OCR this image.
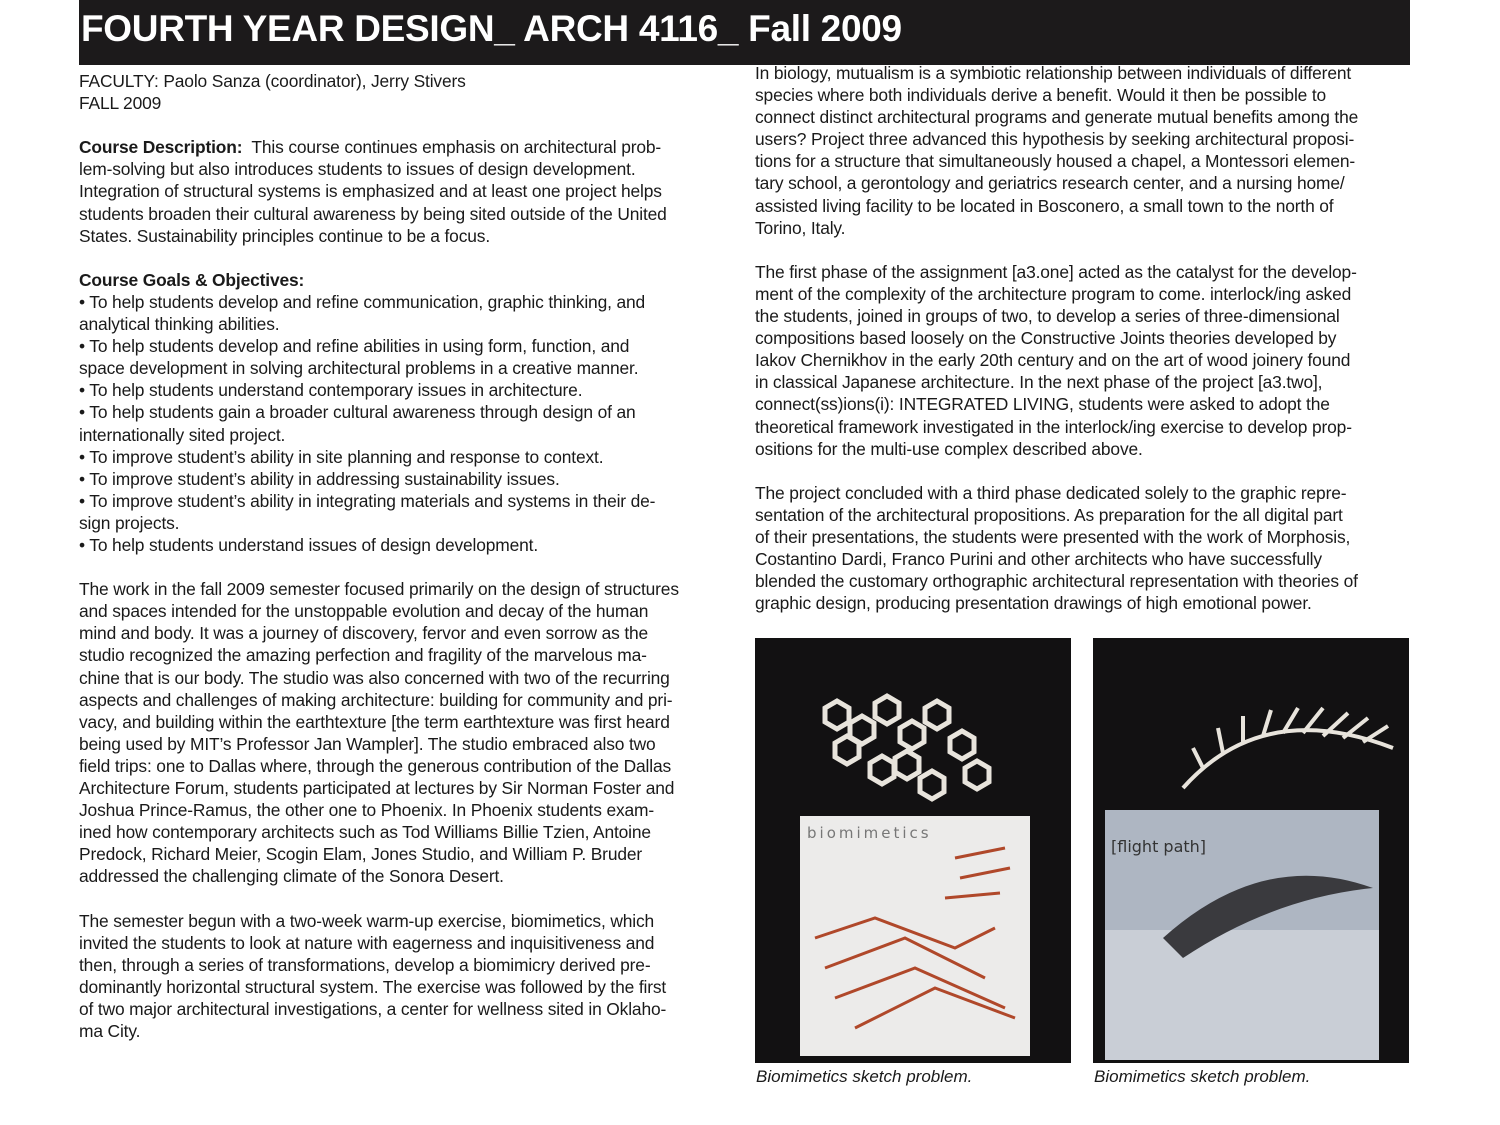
FOURTH YEAR DESIGN_ ARCH 4116_ Fall 2009
FACULTY: Paolo Sanza (coordinator), Jerry Stivers
FALL 2009
Course Description:  This course continues emphasis on architectural prob-
lem-solving but also introduces students to issues of design development.
Integration of structural systems is emphasized and at least one project helps
students broaden their cultural awareness by being sited outside of the United
States. Sustainability principles continue to be a focus.
Course Goals & Objectives:
• To help students develop and refine communication, graphic thinking, and
analytical thinking abilities.
• To help students develop and refine abilities in using form, function, and
space development in solving architectural problems in a creative manner.
• To help students understand contemporary issues in architecture.
• To help students gain a broader cultural awareness through design of an
internationally sited project.
• To improve student’s ability in site planning and response to context.
• To improve student’s ability in addressing sustainability issues.
• To improve student’s ability in integrating materials and systems in their de-
sign projects.
• To help students understand issues of design development.
The work in the fall 2009 semester focused primarily on the design of structures
and spaces intended for the unstoppable evolution and decay of the human
mind and body. It was a journey of discovery, fervor and even sorrow as the
studio recognized the amazing perfection and fragility of the marvelous ma-
chine that is our body. The studio was also concerned with two of the recurring
aspects and challenges of making architecture: building for community and pri-
vacy, and building within the earthtexture [the term earthtexture was first heard
being used by MIT’s Professor Jan Wampler]. The studio embraced also two
field trips: one to Dallas where, through the generous contribution of the Dallas
Architecture Forum, students participated at lectures by Sir Norman Foster and
Joshua Prince-Ramus, the other one to Phoenix. In Phoenix students exam-
ined how contemporary architects such as Tod Williams Billie Tzien, Antoine
Predock, Richard Meier, Scogin Elam, Jones Studio, and William P. Bruder
addressed the challenging climate of the Sonora Desert.
The semester begun with a two-week warm-up exercise, biomimetics, which
invited the students to look at nature with eagerness and inquisitiveness and
then, through a series of transformations, develop a biomimicry derived pre-
dominantly horizontal structural system. The exercise was followed by the first
of two major architectural investigations, a center for wellness sited in Oklaho-
ma City.
In biology, mutualism is a symbiotic relationship between individuals of different
species where both individuals derive a benefit. Would it then be possible to
connect distinct architectural programs and generate mutual benefits among the
users? Project three advanced this hypothesis by seeking architectural proposi-
tions for a structure that simultaneously housed a chapel, a Montessori elemen-
tary school, a gerontology and geriatrics research center, and a nursing home/
assisted living facility to be located in Bosconero, a small town to the north of
Torino, Italy.
The first phase of the assignment [a3.one] acted as the catalyst for the develop-
ment of the complexity of the architecture program to come. interlock/ing asked
the students, joined in groups of two, to develop a series of three-dimensional
compositions based loosely on the Constructive Joints theories developed by
Iakov Chernikhov in the early 20th century and on the art of wood joinery found
in classical Japanese architecture. In the next phase of the project [a3.two],
connect(ss)ions(i): INTEGRATED LIVING, students were asked to adopt the
theoretical framework investigated in the interlock/ing exercise to develop prop-
ositions for the multi-use complex described above.
The project concluded with a third phase dedicated solely to the graphic repre-
sentation of the architectural propositions. As preparation for the all digital part
of their presentations, the students were presented with the work of Morphosis,
Costantino Dardi, Franco Purini and other architects who have successfully
blended the customary orthographic architectural representation with theories of
graphic design, producing presentation drawings of high emotional power.
biomimetics
[flight path]
Biomimetics sketch problem.	Biomimetics sketch problem.
